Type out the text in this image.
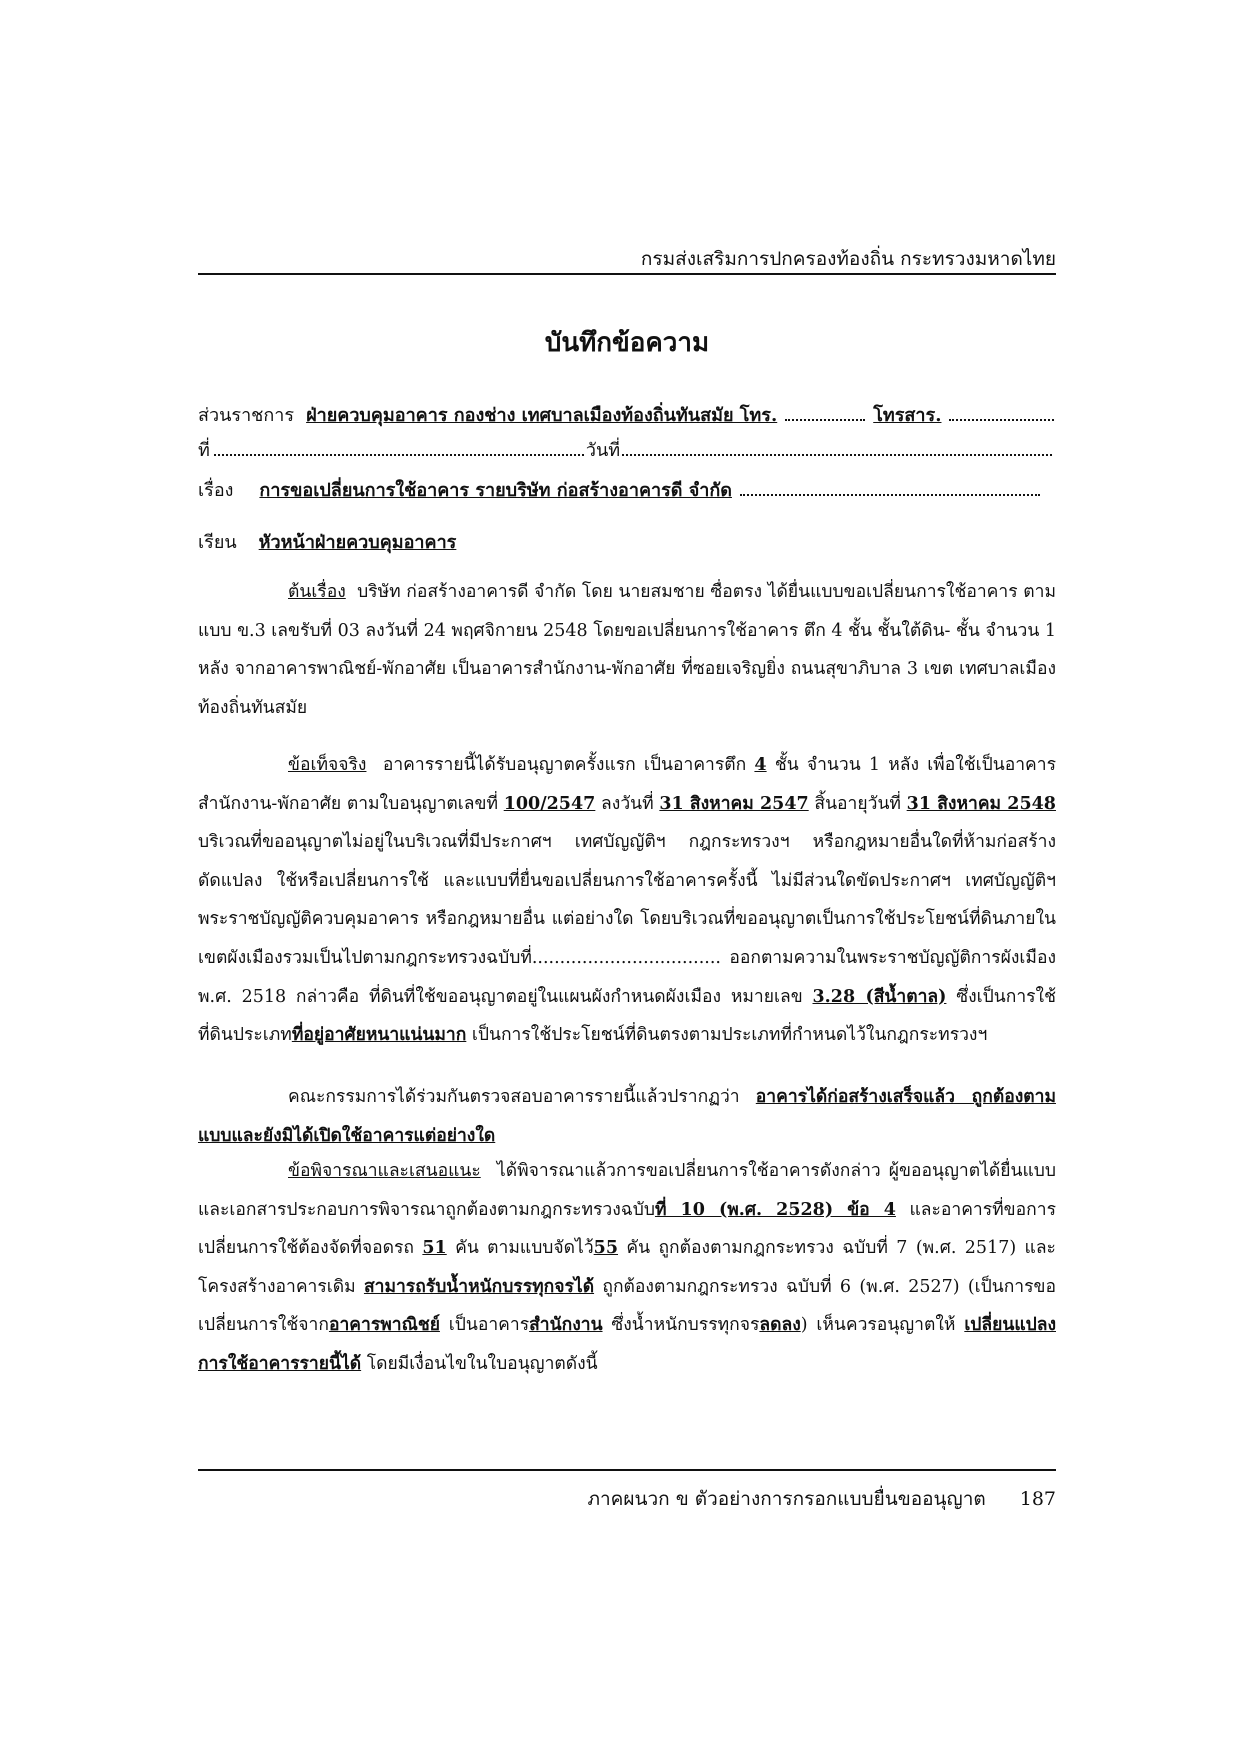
กรมส่งเสริมการปกครองท้องถิ่น กระทรวงมหาดไทย
บันทึกข้อความ
ส่วนราชการ ฝ่ายควบคุมอาคาร กองช่าง เทศบาลเมืองท้องถิ่นทันสมัย โทร.	โทรสาร.
ที่	วันที่
เรื่อง การขอเปลี่ยนการใช้อาคาร รายบริษัท ก่อสร้างอาคารดี จำกัด
เรียน หัวหน้าฝ่ายควบคุมอาคาร
ต้นเรื่อง บริษัท ก่อสร้างอาคารดี จำกัด โดย นายสมชาย ซื่อตรง ได้ยื่นแบบขอเปลี่ยนการใช้อาคาร ตามแบบ ข.3 เลขรับที่ 03 ลงวันที่ 24 พฤศจิกายน 2548 โดยขอเปลี่ยนการใช้อาคาร ตึก 4 ชั้น ชั้นใต้ดิน- ชั้น จำนวน 1 หลัง จากอาคารพาณิชย์-พักอาศัย เป็นอาคารสำนักงาน-พักอาศัย ที่ซอยเจริญยิ่ง ถนนสุขาภิบาล 3 เขต เทศบาลเมืองท้องถิ่นทันสมัย
ข้อเท็จจริง อาคารรายนี้ได้รับอนุญาตครั้งแรก เป็นอาคารตึก 4 ชั้น จำนวน 1 หลัง เพื่อใช้เป็นอาคารสำนักงาน-พักอาศัย ตามใบอนุญาตเลขที่ 100/2547 ลงวันที่ 31 สิงหาคม 2547 สิ้นอายุวันที่ 31 สิงหาคม 2548 บริเวณที่ขออนุญาตไม่อยู่ในบริเวณที่มีประกาศฯ เทศบัญญัติฯ กฎกระทรวงฯ หรือกฎหมายอื่นใดที่ห้ามก่อสร้าง ดัดแปลง ใช้หรือเปลี่ยนการใช้ และแบบที่ยื่นขอเปลี่ยนการใช้อาคารครั้งนี้ ไม่มีส่วนใดขัดประกาศฯ เทศบัญญัติฯ พระราชบัญญัติควบคุมอาคาร หรือกฎหมายอื่น แต่อย่างใด โดยบริเวณที่ขออนุญาตเป็นการใช้ประโยชน์ที่ดินภายในเขตผังเมืองรวมเป็นไปตามกฎกระทรวงฉบับที่.................................. ออกตามความในพระราชบัญญัติการผังเมือง พ.ศ. 2518 กล่าวคือ ที่ดินที่ใช้ขออนุญาตอยู่ในแผนผังกำหนดผังเมือง หมายเลข 3.28 (สีน้ำตาล) ซึ่งเป็นการใช้ที่ดินประเภทที่อยู่อาศัยหนาแน่นมาก เป็นการใช้ประโยชน์ที่ดินตรงตามประเภทที่กำหนดไว้ในกฎกระทรวงฯ
คณะกรรมการได้ร่วมกันตรวจสอบอาคารรายนี้แล้วปรากฏว่า อาคารได้ก่อสร้างเสร็จแล้ว ถูกต้องตามแบบและยังมิได้เปิดใช้อาคารแต่อย่างใด
ข้อพิจารณาและเสนอแนะ ได้พิจารณาแล้วการขอเปลี่ยนการใช้อาคารดังกล่าว ผู้ขออนุญาตได้ยื่นแบบและเอกสารประกอบการพิจารณาถูกต้องตามกฎกระทรวงฉบับที่ 10 (พ.ศ. 2528) ข้อ 4 และอาคารที่ขอการเปลี่ยนการใช้ต้องจัดที่จอดรถ 51 คัน ตามแบบจัดไว้55 คัน ถูกต้องตามกฎกระทรวง ฉบับที่ 7 (พ.ศ. 2517) และโครงสร้างอาคารเดิม สามารถรับน้ำหนักบรรทุกจรได้ ถูกต้องตามกฎกระทรวง ฉบับที่ 6 (พ.ศ. 2527) (เป็นการขอเปลี่ยนการใช้จากอาคารพาณิชย์ เป็นอาคารสำนักงาน ซึ่งน้ำหนักบรรทุกจรลดลง) เห็นควรอนุญาตให้ เปลี่ยนแปลงการใช้อาคารรายนี้ได้ โดยมีเงื่อนไขในใบอนุญาตดังนี้
ภาคผนวก ข ตัวอย่างการกรอกแบบยื่นขออนุญาต 187
